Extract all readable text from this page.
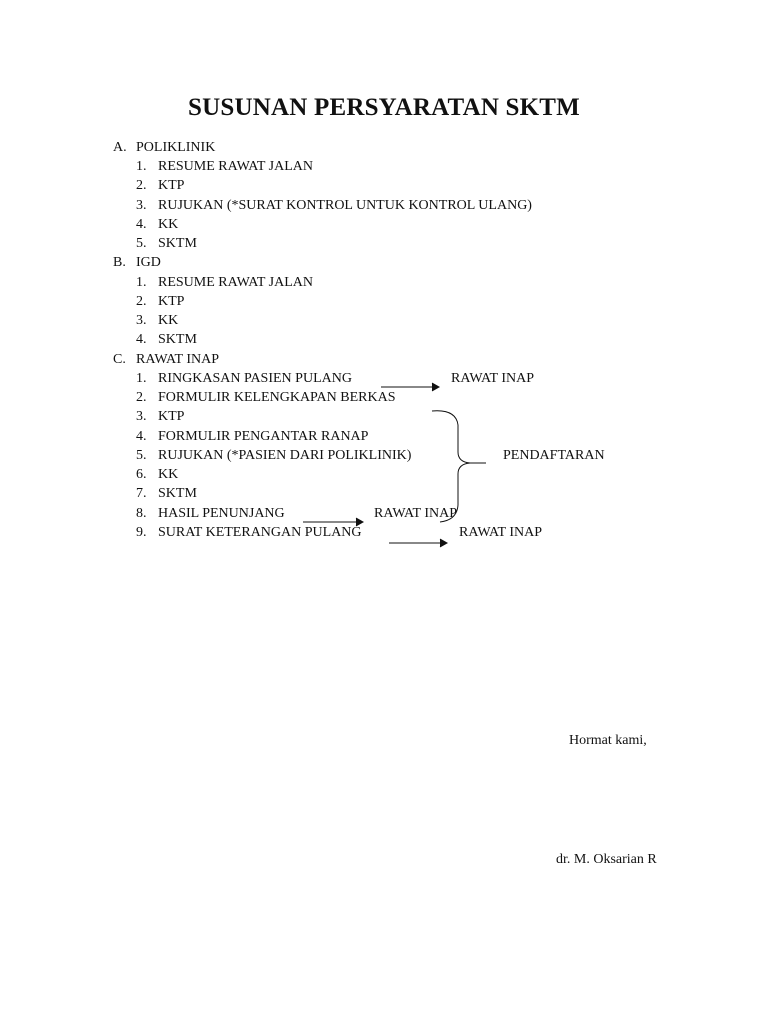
SUSUNAN PERSYARATAN SKTM
A. POLIKLINIK
1. RESUME RAWAT JALAN
2. KTP
3. RUJUKAN (*SURAT KONTROL UNTUK KONTROL ULANG)
4. KK
5. SKTM
B. IGD
1. RESUME RAWAT JALAN
2. KTP
3. KK
4. SKTM
C. RAWAT INAP
1. RINGKASAN PASIEN PULANG
2. FORMULIR KELENGKAPAN BERKAS
3. KTP
4. FORMULIR PENGANTAR RANAP
5. RUJUKAN (*PASIEN DARI POLIKLINIK)
6. KK
7. SKTM
8. HASIL PENUNJANG
9. SURAT KETERANGAN PULANG
RAWAT INAP
PENDAFTARAN
RAWAT INAP
RAWAT INAP
Hormat kami,
dr. M. Oksarian R
